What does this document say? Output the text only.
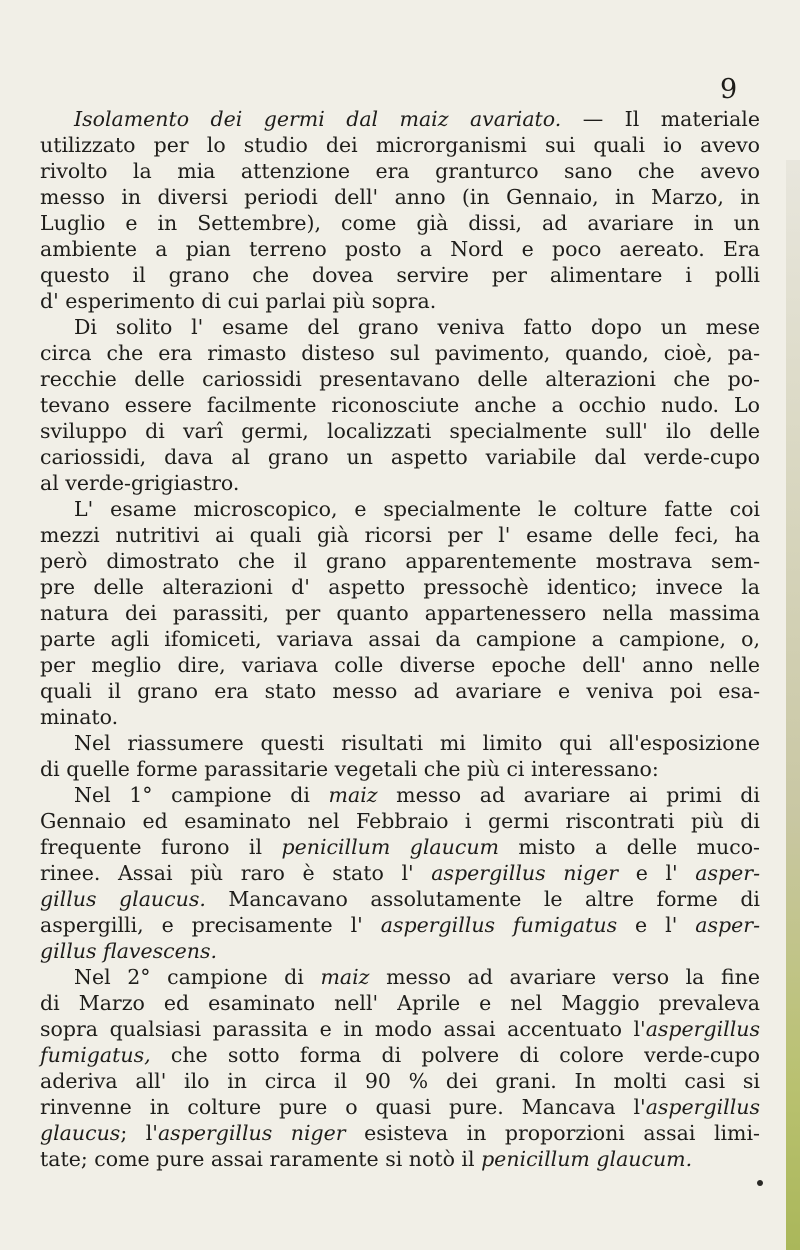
9
Isolamento dei germi dal maiz avariato. — Il materiale
utilizzato per lo studio dei microrganismi sui quali io avevo
rivolto la mia attenzione era granturco sano che avevo
messo in diversi periodi dell' anno (in Gennaio, in Marzo, in
Luglio e in Settembre), come già dissi, ad avariare in un
ambiente a pian terreno posto a Nord e poco aereato. Era
questo il grano che dovea servire per alimentare i polli
d' esperimento di cui parlai più sopra.
Di solito l' esame del grano veniva fatto dopo un mese
circa che era rimasto disteso sul pavimento, quando, cioè, pa-
recchie delle cariossidi presentavano delle alterazioni che po-
tevano essere facilmente riconosciute anche a occhio nudo. Lo
sviluppo di varî germi, localizzati specialmente sull' ilo delle
cariossidi, dava al grano un aspetto variabile dal verde-cupo
al verde-grigiastro.
L' esame microscopico, e specialmente le colture fatte coi
mezzi nutritivi ai quali già ricorsi per l' esame delle feci, ha
però dimostrato che il grano apparentemente mostrava sem-
pre delle alterazioni d' aspetto pressochè identico; invece la
natura dei parassiti, per quanto appartenessero nella massima
parte agli ifomiceti, variava assai da campione a campione, o,
per meglio dire, variava colle diverse epoche dell' anno nelle
quali il grano era stato messo ad avariare e veniva poi esa-
minato.
Nel riassumere questi risultati mi limito qui all'esposizione
di quelle forme parassitarie vegetali che più ci interessano:
Nel 1° campione di maiz messo ad avariare ai primi di
Gennaio ed esaminato nel Febbraio i germi riscontrati più di
frequente furono il penicillum glaucum misto a delle muco-
rinee. Assai più raro è stato l' aspergillus niger e l' asper-
gillus glaucus. Mancavano assolutamente le altre forme di
aspergilli, e precisamente l' aspergillus fumigatus e l' asper-
gillus flavescens.
Nel 2° campione di maiz messo ad avariare verso la fine
di Marzo ed esaminato nell' Aprile e nel Maggio prevaleva
sopra qualsiasi parassita e in modo assai accentuato l'aspergillus
fumigatus, che sotto forma di polvere di colore verde-cupo
aderiva all' ilo in circa il 90 % dei grani. In molti casi si
rinvenne in colture pure o quasi pure. Mancava l'aspergillus
glaucus; l'aspergillus niger esisteva in proporzioni assai limi-
tate; come pure assai raramente si notò il penicillum glaucum.
